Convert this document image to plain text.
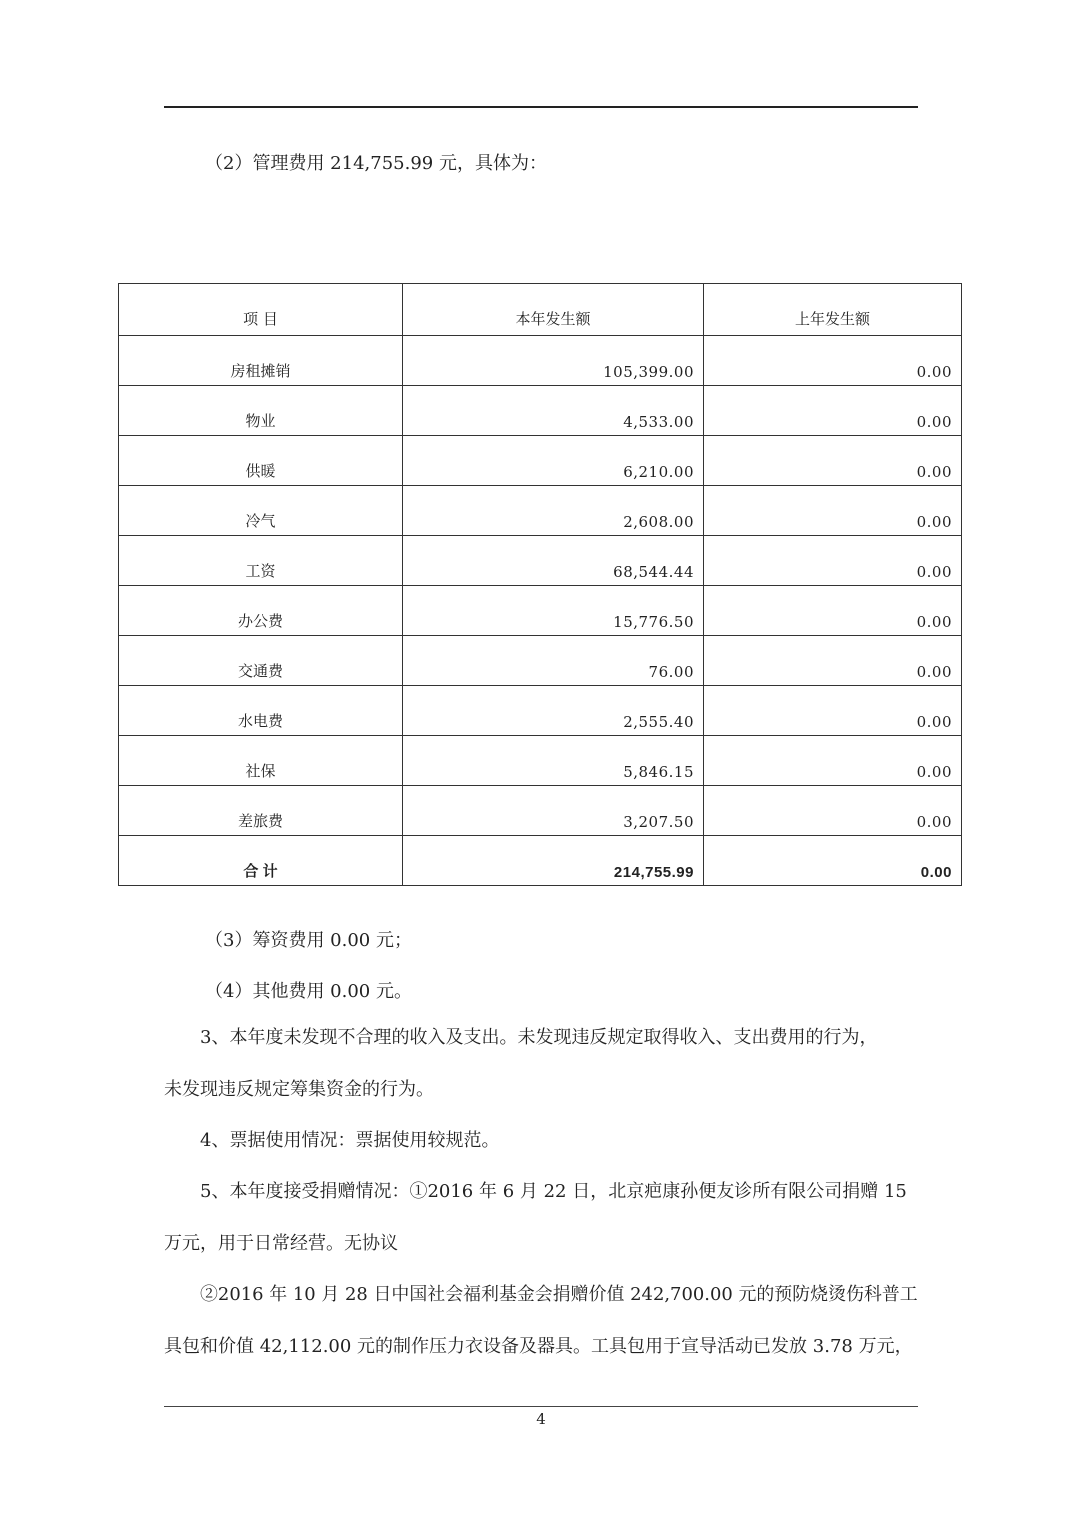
（2）管理费用 214,755.99 元，具体为：
项 目	本年发生额	上年发生额
房租摊销	105,399.00	0.00
物业	4,533.00	0.00
供暖	6,210.00	0.00
冷气	2,608.00	0.00
工资	68,544.44	0.00
办公费	15,776.50	0.00
交通费	76.00	0.00
水电费	2,555.40	0.00
社保	5,846.15	0.00
差旅费	3,207.50	0.00
合 计	214,755.99	0.00
（3）筹资费用 0.00 元；
（4）其他费用 0.00 元。
3、本年度未发现不合理的收入及支出。未发现违反规定取得收入、支出费用的行为，
未发现违反规定筹集资金的行为。
4、票据使用情况：票据使用较规范。
5、本年度接受捐赠情况：①2016 年 6 月 22 日，北京疤康孙便友诊所有限公司捐赠 15
万元，用于日常经营。无协议
②2016 年 10 月 28 日中国社会福利基金会捐赠价值 242,700.00 元的预防烧烫伤科普工
具包和价值 42,112.00 元的制作压力衣设备及器具。工具包用于宣导活动已发放 3.78 万元，
4
